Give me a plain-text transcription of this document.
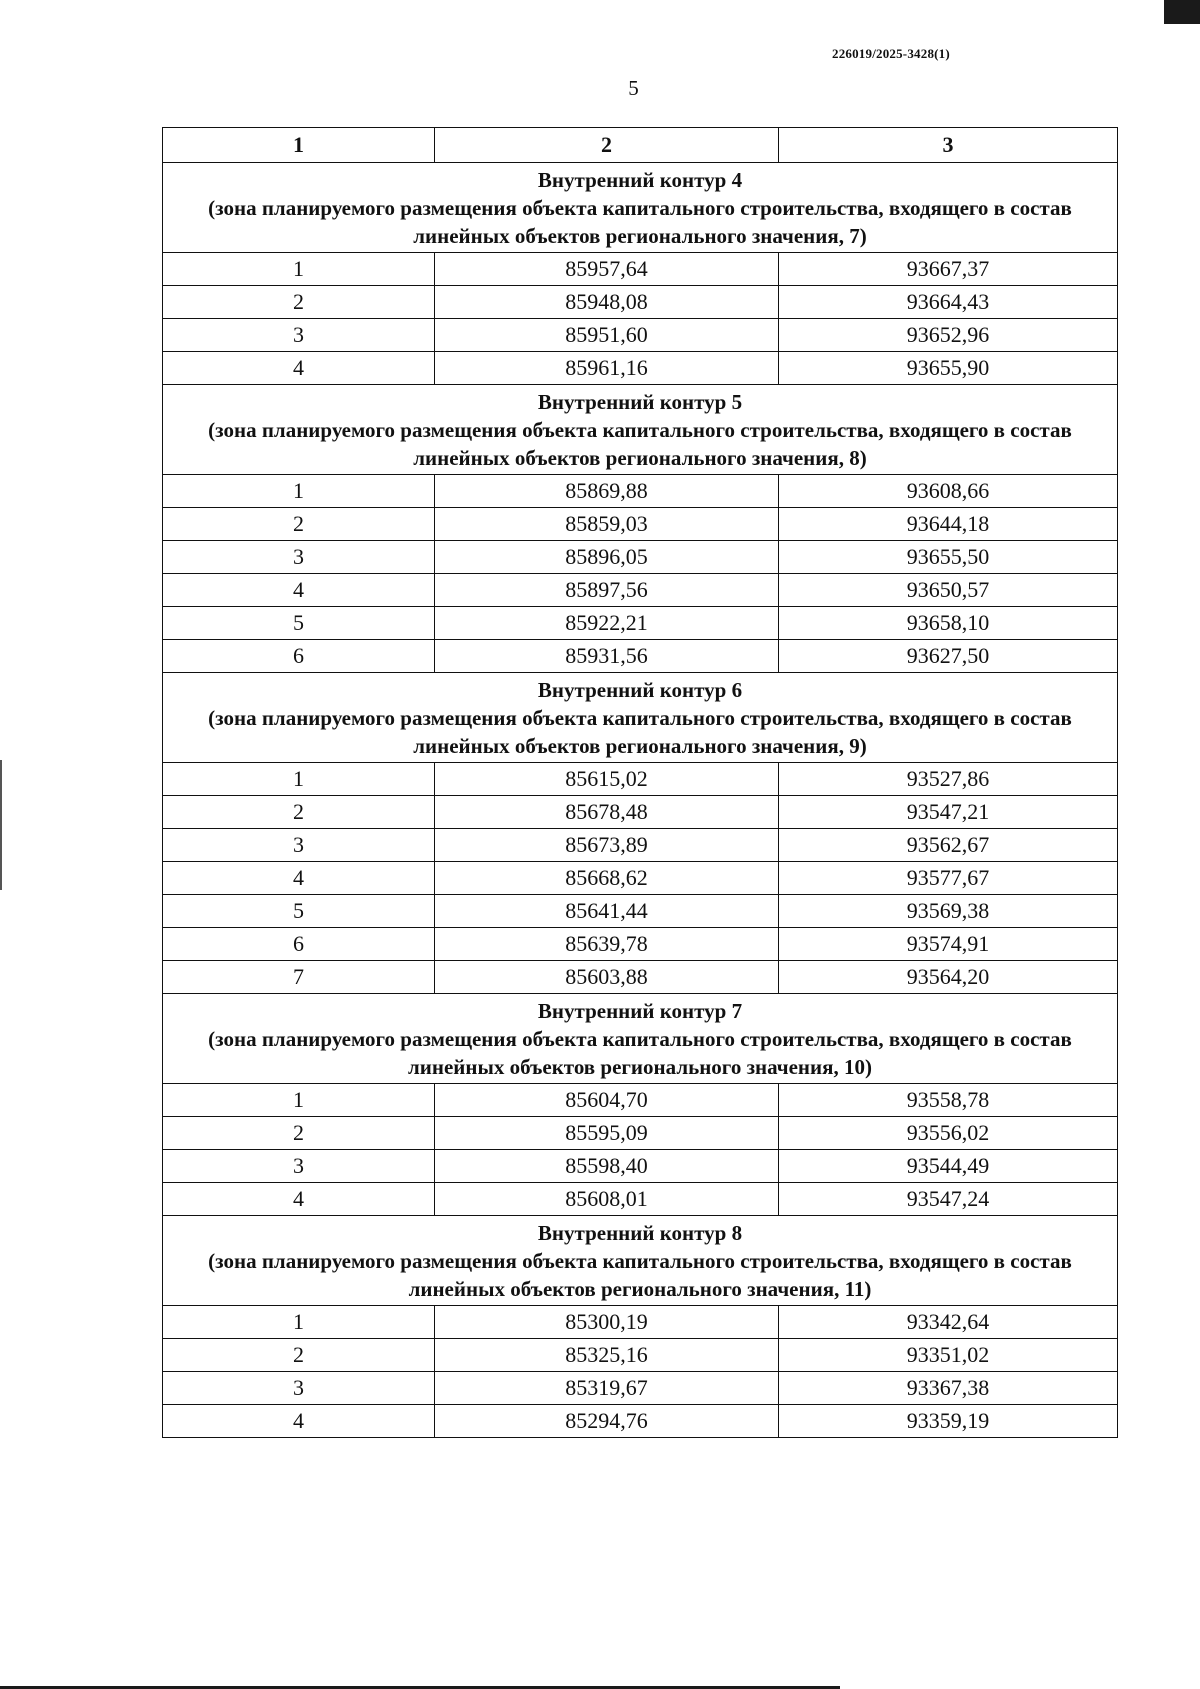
226019/2025-3428(1)
5
1	2	3

Внутренний контур 4
(зона планируемого размещения объекта капитального строительства, входящего в состав линейных объектов регионального значения, 7)		

1	85957,64	93667,37
2	85948,08	93664,43
3	85951,60	93652,96
4	85961,16	93655,90

Внутренний контур 5
(зона планируемого размещения объекта капитального строительства, входящего в состав линейных объектов регионального значения, 8)		

1	85869,88	93608,66
2	85859,03	93644,18
3	85896,05	93655,50
4	85897,56	93650,57
5	85922,21	93658,10
6	85931,56	93627,50

Внутренний контур 6
(зона планируемого размещения объекта капитального строительства, входящего в состав линейных объектов регионального значения, 9)		

1	85615,02	93527,86
2	85678,48	93547,21
3	85673,89	93562,67
4	85668,62	93577,67
5	85641,44	93569,38
6	85639,78	93574,91
7	85603,88	93564,20

Внутренний контур 7
(зона планируемого размещения объекта капитального строительства, входящего в состав линейных объектов регионального значения, 10)		

1	85604,70	93558,78
2	85595,09	93556,02
3	85598,40	93544,49
4	85608,01	93547,24

Внутренний контур 8
(зона планируемого размещения объекта капитального строительства, входящего в состав линейных объектов регионального значения, 11)		

1	85300,19	93342,64
2	85325,16	93351,02
3	85319,67	93367,38
4	85294,76	93359,19
